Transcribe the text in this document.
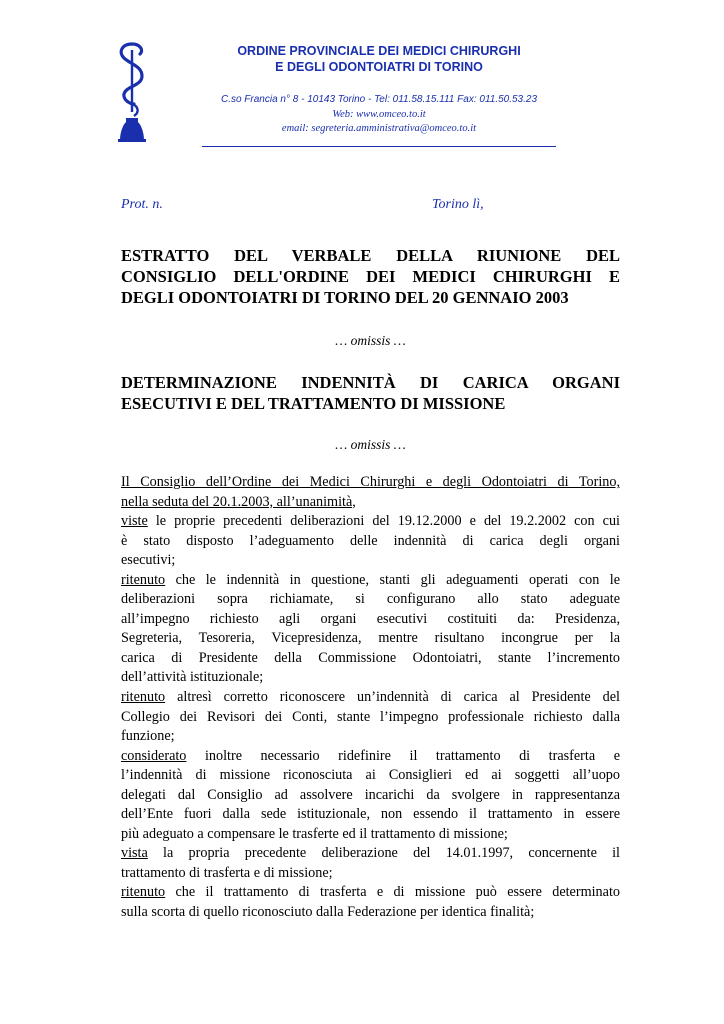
ORDINE PROVINCIALE DEI MEDICI CHIRURGHI

E DEGLI ODONTOIATRI DI TORINO

C.so Francia n° 8 - 10143 Torino - Tel: 011.58.15.111 Fax: 011.50.53.23

Web: www.omceo.to.it

email: segreteria.amministrativa@omceo.to.it

Prot. n.	Torino lì,

ESTRATTO DEL VERBALE DELLA RIUNIONE DEL
CONSIGLIO DELL'ORDINE DEI MEDICI CHIRURGHI E
DEGLI ODONTOIATRI DI TORINO DEL 20 GENNAIO 2003

… omissis …

DETERMINAZIONE INDENNITÀ DI CARICA ORGANI
ESECUTIVI E DEL TRATTAMENTO DI MISSIONE

… omissis …

Il Consiglio dell’Ordine dei Medici Chirurghi e degli Odontoiatri di Torino,
nella seduta del 20.1.2003, all’unanimità,
viste le proprie precedenti deliberazioni del 19.12.2000 e del 19.2.2002 con cui
è stato disposto l’adeguamento delle indennità di carica degli organi
esecutivi;
ritenuto che le indennità in questione, stanti gli adeguamenti operati con le
deliberazioni sopra richiamate, si configurano allo stato adeguate
all’impegno richiesto agli organi esecutivi costituiti da: Presidenza,
Segreteria, Tesoreria, Vicepresidenza, mentre risultano incongrue per la
carica di Presidente della Commissione Odontoiatri, stante l’incremento
dell’attività istituzionale;
ritenuto altresì corretto riconoscere un’indennità di carica al Presidente del
Collegio dei Revisori dei Conti, stante l’impegno professionale richiesto dalla
funzione;
considerato inoltre necessario ridefinire il trattamento di trasferta e
l’indennità di missione riconosciuta ai Consiglieri ed ai soggetti all’uopo
delegati dal Consiglio ad assolvere incarichi da svolgere in rappresentanza
dell’Ente fuori dalla sede istituzionale, non essendo il trattamento in essere
più adeguato a compensare le trasferte ed il trattamento di missione;
vista la propria precedente deliberazione del 14.01.1997, concernente il
trattamento di trasferta e di missione;
ritenuto che il trattamento di trasferta e di missione può essere determinato
sulla scorta di quello riconosciuto dalla Federazione per identica finalità;
